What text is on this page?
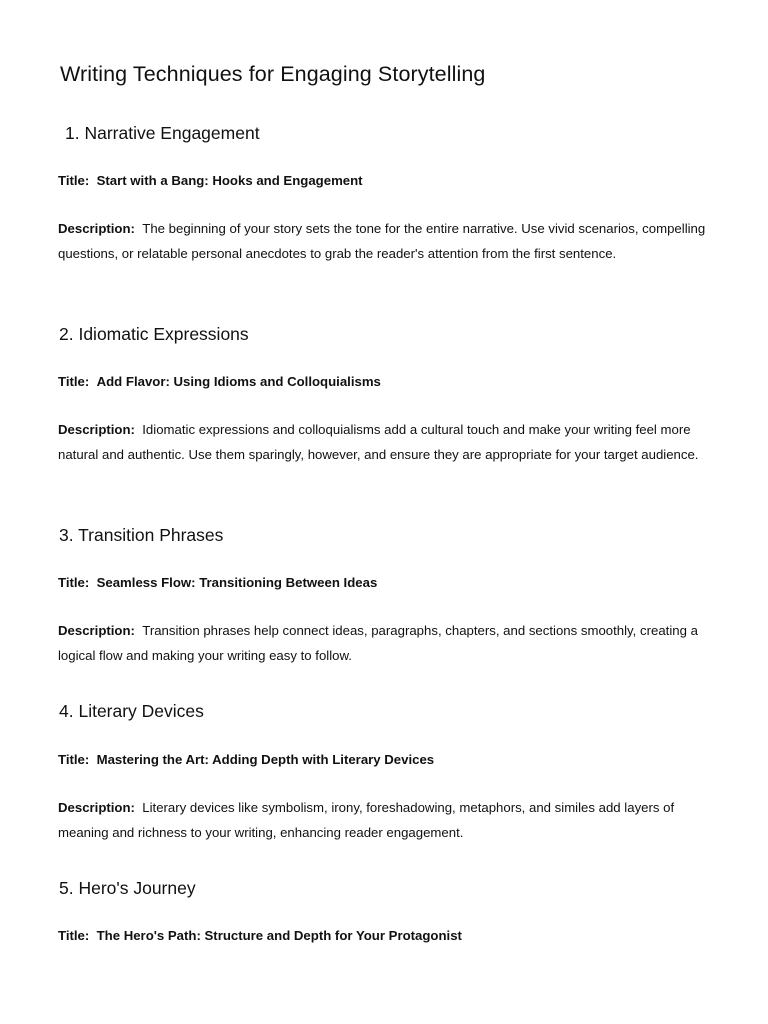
Writing Techniques for Engaging Storytelling
1. Narrative Engagement

Title: Start with a Bang: Hooks and Engagement

Description: The beginning of your story sets the tone for the entire narrative. Use vivid scenarios, compelling questions, or relatable personal anecdotes to grab the reader's attention from the first sentence.

2. Idiomatic Expressions

Title: Add Flavor: Using Idioms and Colloquialisms

Description: Idiomatic expressions and colloquialisms add a cultural touch and make your writing feel more natural and authentic. Use them sparingly, however, and ensure they are appropriate for your target audience.

3. Transition Phrases

Title: Seamless Flow: Transitioning Between Ideas

Description: Transition phrases help connect ideas, paragraphs, chapters, and sections smoothly, creating a logical flow and making your writing easy to follow.

4. Literary Devices

Title: Mastering the Art: Adding Depth with Literary Devices

Description: Literary devices like symbolism, irony, foreshadowing, metaphors, and similes add layers of meaning and richness to your writing, enhancing reader engagement.

5. Hero's Journey

Title: The Hero's Path: Structure and Depth for Your Protagonist
